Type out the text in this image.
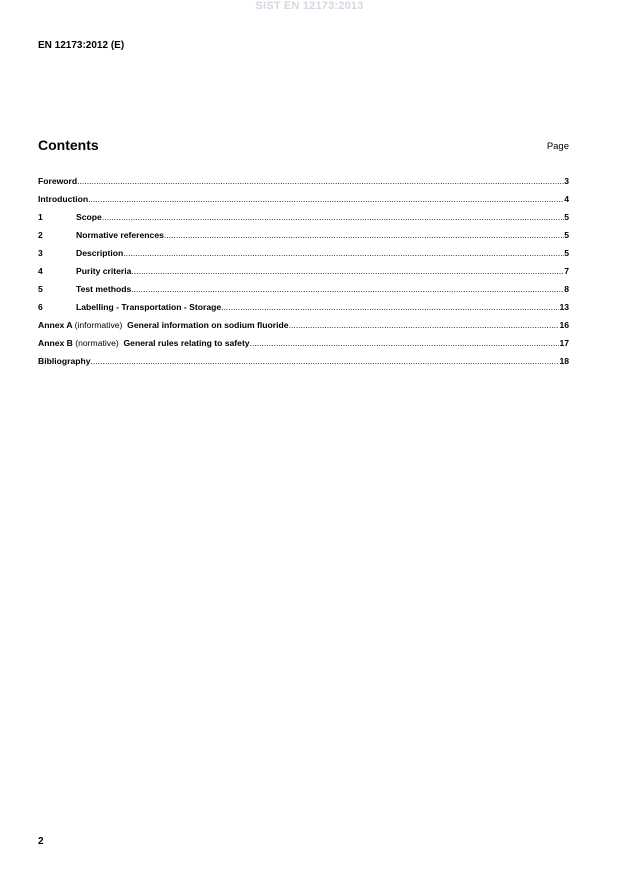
SIST EN 12173:2013
EN 12173:2012 (E)
Contents	Page
Foreword .....	3
Introduction .....	4
1	Scope .....	5
2	Normative references .....	5
3	Description .....	5
4	Purity criteria .....	7
5	Test methods .....	8
6	Labelling - Transportation - Storage .....	13
Annex A (informative) General information on sodium fluoride .....	16
Annex B (normative) General rules relating to safety .....	17
Bibliography .....	18
2
